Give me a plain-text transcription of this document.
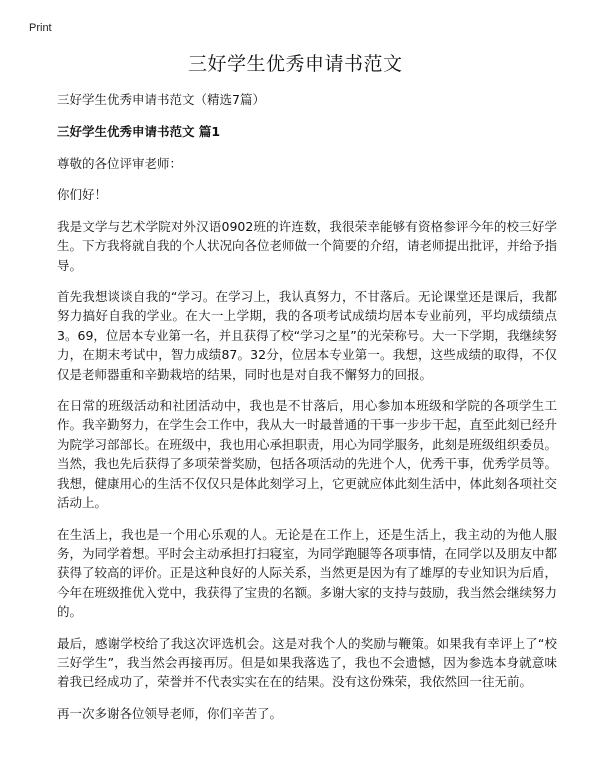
Print
三好学生优秀申请书范文

三好学生优秀申请书范文（精选7篇）

三好学生优秀申请书范文 篇1

尊敬的各位评审老师：

你们好！

我是文学与艺术学院对外汉语0902班的许连数，我很荣幸能够有资格参评今年的校三好学生。下方我将就自我的个人状况向各位老师做一个简要的介绍，请老师提出批评，并给予指导。

首先我想谈谈自我的“学习。在学习上，我认真努力，不甘落后。无论课堂还是课后，我都努力搞好自我的学业。在大一上学期，我的各项考试成绩均居本专业前列，平均成绩绩点3。69，位居本专业第一名，并且获得了校“学习之星”的光荣称号。大一下学期，我继续努力，在期末考试中，智力成绩87。32分，位居本专业第一。我想，这些成绩的取得，不仅仅是老师器重和辛勤栽培的结果，同时也是对自我不懈努力的回报。

在日常的班级活动和社团活动中，我也是不甘落后，用心参加本班级和学院的各项学生工作。我辛勤努力，在学生会工作中，我从大一时最普通的干事一步步干起，直至此刻已经升为院学习部部长。在班级中，我也用心承担职责，用心为同学服务，此刻是班级组织委员。当然，我也先后获得了多项荣誉奖励，包括各项活动的先进个人，优秀干事，优秀学员等。我想，健康用心的生活不仅仅只是体此刻学习上，它更就应体此刻生活中，体此刻各项社交活动上。

在生活上，我也是一个用心乐观的人。无论是在工作上，还是生活上，我主动的为他人服务，为同学着想。平时会主动承担打扫寝室，为同学跑腿等各项事情，在同学以及朋友中都获得了较高的评价。正是这种良好的人际关系，当然更是因为有了雄厚的专业知识为后盾，今年在班级推优入党中，我获得了宝贵的名额。多谢大家的支持与鼓励，我当然会继续努力的。

最后，感谢学校给了我这次评选机会。这是对我个人的奖励与鞭策。如果我有幸评上了“校三好学生”，我当然会再接再厉。但是如果我落选了，我也不会遗憾，因为参选本身就意味着我已经成功了，荣誉并不代表实实在在的结果。没有这份殊荣，我依然回一往无前。

再一次多谢各位领导老师，你们辛苦了。
